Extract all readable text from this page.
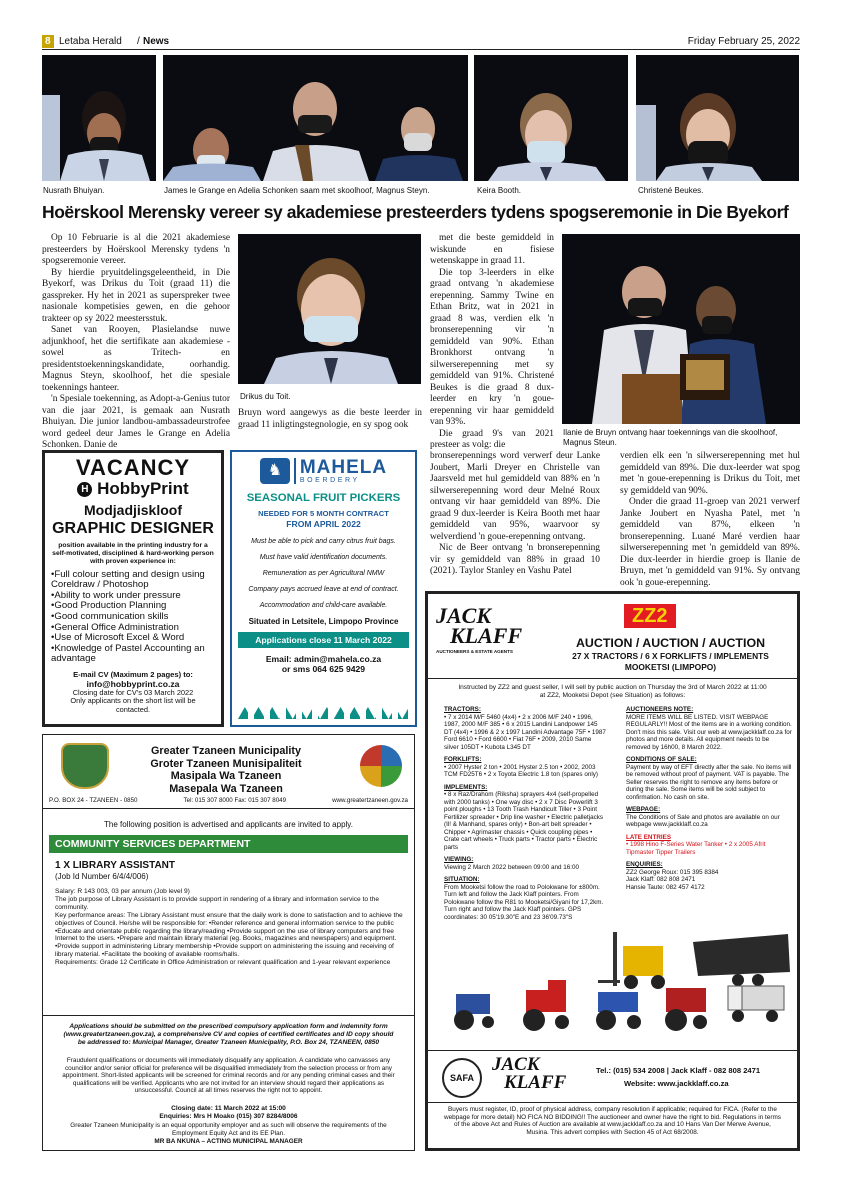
8 Letaba Herald / News	Friday February 25, 2022
Nusrath Bhuiyan.	James le Grange en Adelia Schonken saam met skoolhoof, Magnus Steyn.	Keira Booth.	Christené Beukes.
Hoërskool Merensky vereer sy akademiese presteerders tydens spogseremonie in Die Byekorf

Op 10 Februarie is al die 2021 akademiese presteerders by Hoërskool Merensky tydens 'n spogseremonie vereer.

By hierdie pryuitdelingsgeleentheid, in Die Byekorf, was Drikus du Toit (graad 11) die gasspreker. Hy het in 2021 as superspreker twee nasionale kompetisies gewen, en die gehoor trakteer op sy 2022 meestersstuk.

Sanet van Rooyen, Plasielandse nuwe adjunkhoof, het die sertifikate aan akademiese - sowel as Tritech- en presidentstoekenningskandidate, oorhandig. Magnus Steyn, skoolhoof, het die spesiale toekennings hanteer.

'n Spesiale toekenning, as Adopt-a-Genius tutor van die jaar 2021, is gemaak aan Nusrath Bhuiyan. Die junior landbou-ambassadeurstrofee word gedeel deur James le Grange en Adelia Schonken. Danie de

Drikus du Toit.
Bruyn word aangewys as die beste leerder in graad 11 inligtingstegnologie, en sy spog ook

met die beste gemiddeld in wiskunde en fisiese wetenskappe in graad 11.

Die top 3-leerders in elke graad ontvang 'n akademiese erepenning. Sammy Twine en Ethan Britz, wat in 2021 in graad 8 was, verdien elk 'n bronserepenning vir 'n gemiddeld van 90%. Ethan Bronkhorst ontvang 'n silwerserepenning met sy gemiddeld van 91%. Christené Beukes is die graad 8 dux-leerder en kry 'n goue-erepenning vir haar gemiddeld van 93%.

Die graad 9's van 2021 presteer as volg: die

Ilanie de Bruyn ontvang haar toekennings van die skoolhoof, Magnus Steun.

bronserepennings word verwerf deur Lanke Joubert, Marli Dreyer en Christelle van Jaarsveld met hul gemiddeld van 88% en 'n silwerserepenning word deur Melné Roux ontvang vir haar gemiddeld van 89%. Die graad 9 dux-leerder is Keira Booth met haar gemiddeld van 95%, waarvoor sy welverdiend 'n goue-erepenning ontvang.

Nic de Beer ontvang 'n bronserepenning vir sy gemiddeld van 88% in graad 10 (2021). Taylor Stanley en Vashu Patel

verdien elk een 'n silwerserepenning met hul gemiddeld van 89%. Die dux-leerder wat spog met 'n goue-erepenning is Drikus du Toit, met sy gemiddeld van 90%.

Onder die graad 11-groep van 2021 verwerf Janke Joubert en Nyasha Patel, met 'n gemiddeld van 87%, elkeen 'n bronserepenning. Luané Maré verdien haar silwerserepenning met 'n gemiddeld van 89%. Die dux-leerder in hierdie groep is Ilanie de Bruyn, met 'n gemiddeld van 91%. Sy ontvang ook 'n goue-erepenning.

VACANCY
H HobbyPrint
Modjadjiskloof
GRAPHIC DESIGNER
position available in the printing industry for a self-motivated, disciplined & hard-working person with proven experience in:
• Full colour setting and design using Coreldraw / Photoshop
• Ability to work under pressure
• Good Production Planning
• Good communication skills
• General Office Administration
• Use of Microsoft Excel & Word
• Knowledge of Pastel Accounting an advantage
E-mail CV (Maximum 2 pages) to:
info@hobbyprint.co.za
Closing date for CV's 03 March 2022
Only applicants on the short list will be contacted.
♞ MAHELA
BOERDERY
SEASONAL FRUIT PICKERS
NEEDED FOR 5 MONTH CONTRACT
FROM APRIL 2022
Must be able to pick and carry citrus fruit bags.
Must have valid identification documents.
Remuneration as per Agricultural NMW
Company pays accrued leave at end of contract.
Accommodation and child-care available.
Situated in Letsitele, Limpopo Province
Applications close 11 March 2022
Email: admin@mahela.co.za
or sms 064 625 9429
Greater Tzaneen Municipality
Groter Tzaneen Munisipaliteit
Masipala Wa Tzaneen
Masepala Wa Tzaneen
P.O. BOX 24 - TZANEEN - 0850	Tel: 015 307 8000 Fax: 015 307 8049	www.greatertzaneen.gov.za
The following position is advertised and applicants are invited to apply.
COMMUNITY SERVICES DEPARTMENT
1 X LIBRARY ASSISTANT
(Job Id Number 6/4/4/006)
Salary: R 143 003, 03 per annum (Job level 9)
The job purpose of Library Assistant is to provide support in rendering of a library and information service to the community.
Key performance areas: The Library Assistant must ensure that the daily work is done to satisfaction and to achieve the objectives of Council. He/she will be responsible for: •Render reference and general information service to the public •Educate and orientate public regarding the library/reading •Provide support on the use of library computers and free Internet to the users. •Prepare and maintain library material (eg. Books, magazines and newspapers) and equipment. •Provide support in administering Library membership •Provide support on administering the issuing and receiving of library material. •Facilitate the booking of available rooms/halls.
Requirements: Grade 12 Certificate in Office Administration or relevant qualification and 1-year relevant experience
Applications should be submitted on the prescribed compulsory application form and indemnity form (www.greatertzaneen.gov.za), a comprehensive CV and copies of certified certificates and ID copy should be addressed to: Municipal Manager, Greater Tzaneen Municipality, P.O. Box 24, TZANEEN, 0850
Fraudulent qualifications or documents will immediately disqualify any application. A candidate who canvasses any councillor and/or senior official for preference will be disqualified immediately from the selection process or from any appointment. Short-listed applicants will be screened for criminal records and /or any pending criminal cases and their qualifications will be verified. Applicants who are not invited for an interview should regard their applications as unsuccessful. Council at all times reserves the right not to appoint.
Closing date: 11 March 2022 at 15:00
Enquiries: Mrs H Moako (015) 307 8284/8006
Greater Tzaneen Municipality is an equal opportunity employer and as such will observe the requirements of the Employment Equity Act and its EE Plan.
MR BA NKUNA – ACTING MUNICIPAL MANAGER
JACK
KLAFF
AUCTIONEERS & ESTATE AGENTS
ZZ2
AUCTION / AUCTION / AUCTION
27 X TRACTORS / 6 X FORKLIFTS / IMPLEMENTS
MOOKETSI (LIMPOPO)
Instructed by ZZ2 and guest seller, I will sell by public auction on Thursday the 3rd of March 2022 at 11:00 at ZZ2, Mooketsi Depot (see Situation) as follows:
TRACTORS:
• 7 x 2014 M/F 5460 (4x4) • 2 x 2006 M/F 240 • 1996, 1987, 2000 M/F 385 • 6 x 2015 Landini Landpower 145 DT (4x4) • 1996 & 2 x 1997 Landini Advantage 75F • 1987 Ford 6610 • Ford 6600 • Fiat 76F • 2009, 2010 Same silver 105DT • Kubota L345 DT
FORKLIFTS:
• 2007 Hyster 2 ton • 2001 Hyster 2.5 ton • 2002, 2003 TCM FD25T6 • 2 x Toyota Electric 1.8 ton (spares only)
IMPLEMENTS:
• 8 x Raz/Drahom (Riksha) sprayers 4x4 (self-propelled with 2000 tanks) • One way disc • 2 x 7 Disc Powerlift 3 point ploughs • 13 Tooth Trash Handicult Tiller • 3 Point Fertilizer spreader • Drip line washer • Electric palletjacks (Il! & Manhand, spares only) • Bon-art belt spreader • Chipper • Agrimaster chassis • Quick coupling pipes • Crate cart wheels • Truck parts • Tractor parts • Electric parts
VIEWING:
Viewing 2 March 2022 between 09:00 and 16:00
SITUATION:
From Mooketsi follow the road to Polokwane for ±800m. Turn left and follow the Jack Klaff pointers. From Polokwane follow the R81 to Mooketsi/Giyani for 17,2km. Turn right and follow the Jack Klaff pointers. GPS coordinates: 30 05'19.30"E and 23 36'09.73"S
AUCTIONEERS NOTE:
MORE ITEMS WILL BE LISTED. VISIT WEBPAGE REGULARLY!! Most of the items are in a working condition. Don't miss this sale. Visit our web at www.jackklaff.co.za for photos and more details. All equipment needs to be removed by 16h00, 8 March 2022.
CONDITIONS OF SALE:
Payment by way of EFT directly after the sale. No items will be removed without proof of payment. VAT is payable. The Seller reserves the right to remove any items before or during the sale. Some items will be sold subject to confirmation. No cash on site.
WEBPAGE:
The Conditions of Sale and photos are available on our webpage www.jackklaff.co.za
LATE ENTRIES
• 1998 Hino F-Series Water Tanker • 2 x 2005 Afrit Tipmaster Tipper Trailers
ENQUIRIES:
ZZ2 George Roux: 015 395 8384
Jack Klaff: 082 808 2471
Hansie Taute: 082 457 4172
SAFA
JACK
KLAFF
Tel.: (015) 534 2008 | Jack Klaff - 082 808 2471
Website: www.jackklaff.co.za
Buyers must register, ID, proof of physical address, company resolution if applicable; required for FICA. (Refer to the webpage for more detail) NO FICA NO BIDDING!! The auctioneer and owner have the right to bid. Regulations in terms of the above Act and Rules of Auction are available at www.jackklaff.co.za and 10 Hans Van Der Merwe Avenue, Musina. This advert complies with Section 45 of Act 68/2008.
